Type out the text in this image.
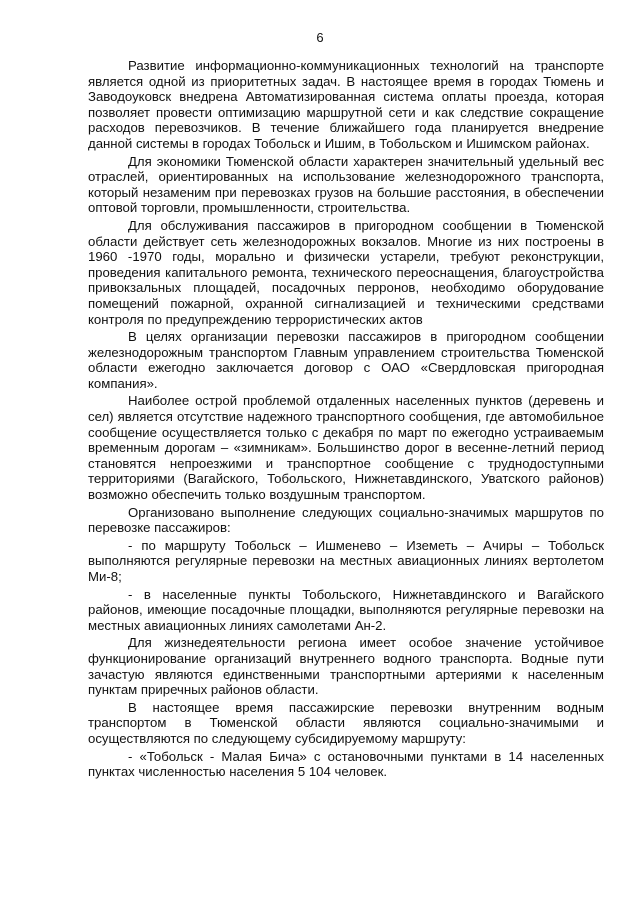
6

Развитие информационно-коммуникационных технологий на транспорте является одной из приоритетных задач. В настоящее время в городах Тюмень и Заводоуковск внедрена Автоматизированная система оплаты проезда, которая позволяет провести оптимизацию маршрутной сети и как следствие сокращение расходов перевозчиков. В течение ближайшего года планируется внедрение данной системы в городах Тобольск и Ишим, в Тобольском и Ишимском районах.

Для экономики Тюменской области характерен значительный удельный вес отраслей, ориентированных на использование железнодорожного транспорта, который незаменим при перевозках грузов на большие расстояния, в обеспечении оптовой торговли, промышленности, строительства.

Для обслуживания пассажиров в пригородном сообщении в Тюменской области действует сеть железнодорожных вокзалов. Многие из них построены в 1960 -1970 годы, морально и физически устарели, требуют реконструкции, проведения капитального ремонта, технического переоснащения, благоустройства привокзальных площадей, посадочных перронов, необходимо оборудование помещений пожарной, охранной сигнализацией и техническими средствами контроля по предупреждению террористических актов

В целях организации перевозки пассажиров в пригородном сообщении железнодорожным транспортом Главным управлением строительства Тюменской области ежегодно заключается договор с ОАО «Свердловская пригородная компания».

Наиболее острой проблемой отдаленных населенных пунктов (деревень и сел) является отсутствие надежного транспортного сообщения, где автомобильное сообщение осуществляется только с декабря по март по ежегодно устраиваемым временным дорогам – «зимникам». Большинство дорог в весенне-летний период становятся непроезжими и транспортное сообщение с труднодоступными территориями (Вагайского, Тобольского, Нижнетавдинского, Уватского районов) возможно обеспечить только воздушным транспортом.

Организовано выполнение следующих социально-значимых маршрутов по перевозке пассажиров:

- по маршруту Тобольск – Ишменево – Иземеть – Ачиры – Тобольск выполняются регулярные перевозки на местных авиационных линиях вертолетом Ми-8;

- в населенные пункты Тобольского, Нижнетавдинского и Вагайского районов, имеющие посадочные площадки, выполняются регулярные перевозки на местных авиационных линиях самолетами Ан-2.

Для жизнедеятельности региона имеет особое значение устойчивое функционирование организаций внутреннего водного транспорта. Водные пути зачастую являются единственными транспортными артериями к населенным пунктам приречных районов области.

В настоящее время пассажирские перевозки внутренним водным транспортом в Тюменской области являются социально-значимыми и осуществляются по следующему субсидируемому маршруту:

- «Тобольск - Малая Бича» с остановочными пунктами в 14 населенных пунктах численностью населения 5 104 человек.
